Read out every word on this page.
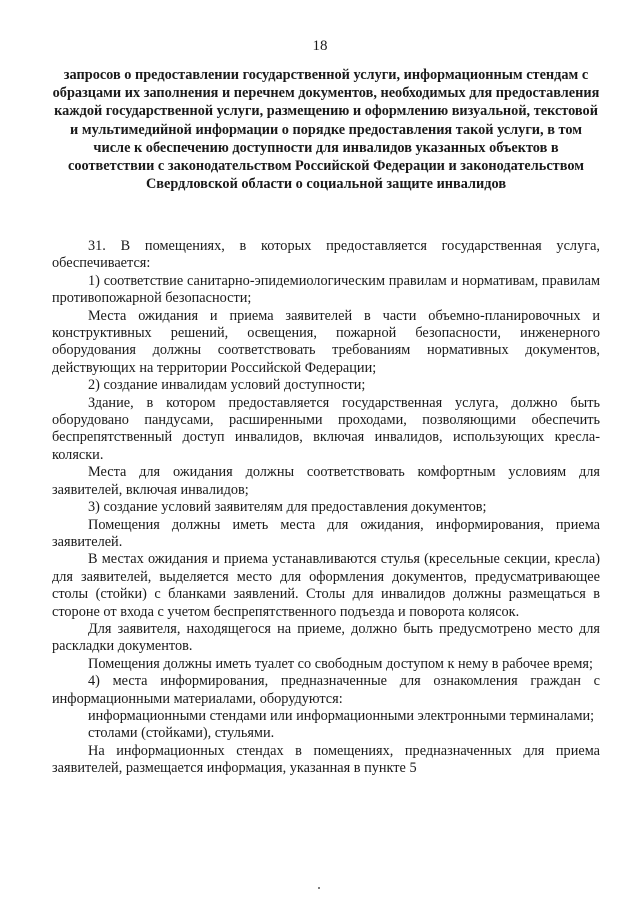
18
запросов о предоставлении государственной услуги, информационным стендам с образцами их заполнения и перечнем документов, необходимых для предоставления каждой государственной услуги, размещению и оформлению визуальной, текстовой и мультимедийной информации о порядке предоставления такой услуги, в том числе к обеспечению доступности для инвалидов указанных объектов в соответствии с законодательством Российской Федерации и законодательством Свердловской области о социальной защите инвалидов

31. В помещениях, в которых предоставляется государственная услуга, обеспечивается:

1) соответствие санитарно-эпидемиологическим правилам и нормативам, правилам противопожарной безопасности;

Места ожидания и приема заявителей в части объемно-планировочных и конструктивных решений, освещения, пожарной безопасности, инженерного оборудования должны соответствовать требованиям нормативных документов, действующих на территории Российской Федерации;

2) создание инвалидам условий доступности;

Здание, в котором предоставляется государственная услуга, должно быть оборудовано пандусами, расширенными проходами, позволяющими обеспечить беспрепятственный доступ инвалидов, включая инвалидов, использующих кресла-коляски.

Места для ожидания должны соответствовать комфортным условиям для заявителей, включая инвалидов;

3) создание условий заявителям для предоставления документов;

Помещения должны иметь места для ожидания, информирования, приема заявителей.

В местах ожидания и приема устанавливаются стулья (кресельные секции, кресла) для заявителей, выделяется место для оформления документов, предусматривающее столы (стойки) с бланками заявлений. Столы для инвалидов должны размещаться в стороне от входа с учетом беспрепятственного подъезда и поворота колясок.

Для заявителя, находящегося на приеме, должно быть предусмотрено место для раскладки документов.

Помещения должны иметь туалет со свободным доступом к нему в рабочее время;

4) места информирования, предназначенные для ознакомления граждан с информационными материалами, оборудуются:

информационными стендами или информационными электронными терминалами;

столами (стойками), стульями.

На информационных стендах в помещениях, предназначенных для приема заявителей, размещается информация, указанная в пункте 5
